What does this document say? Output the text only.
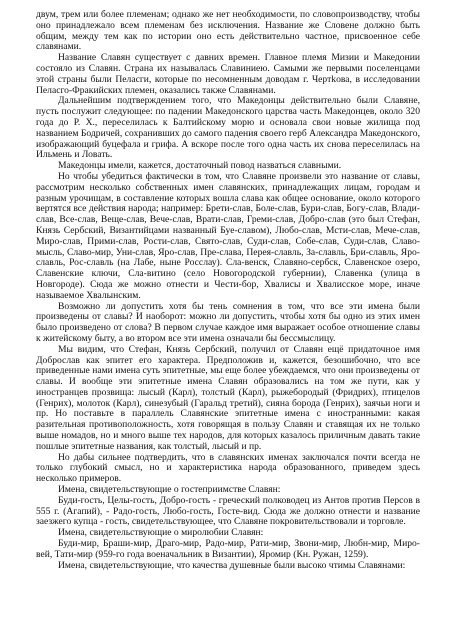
двум, трем или более племенам; однако же нет необходимости, по словопроизводству, чтобы оно принадлежало всем племенам без исключения. Название же Словене должно быть общим, между тем как по истории оно есть действительно частное, присвоенное себе славянами.

Название Славян существует с давних времен. Главное племя Мизии и Македонии состояло из Славян. Страна их называлась Славиниею. Самыми же первыми поселенцами этой страны были Пеласги, которые по несомненным доводам г. Чертkова, в исследовании Пеласго-Фракийских племен, оказались также Славянами.

Дальнейшим подтверждением того, что Македонцы действительно были Славяне, пусть послужит следующее: по падении Македонского царства часть Македонцев, около 320 года до Р. X., переселилась к Балтийскому морю и основала свои новые жилища под названием Бодричей, сохранивших до самого падения своего герб Александра Македонского, изображающий буцефала и грифа. А вскоре после того одна часть их снова переселилась на Ильмень и Ловать.

Македонцы имели, кажется, достаточный повод назваться славными.

Но чтобы убедиться фактически в том, что Славяне произвели это название от славы, рассмотрим несколько собственных имен славянских, принадлежащих лицам, городам и разным урочищам, в составление которых вошла слава как общее основание, около которого вертятся все действия народа; например: Брети-слав, Боле-слав, Бури-слав, Богу-слав, Влади-слав, Все-слав, Веще-слав, Вече-слав, Врати-слав, Греми-слав, Добро-слав (это был Стефан, Князь Сербский, Византийцами названный Буе-славом), Любо-слав, Мсти-слав, Мече-слав, Миро-слав, Прими-слав, Рости-слав, Свято-слав, Суди-слав, Собе-слав, Суди-слав, Славо-мысль, Славо-мир, Уни-слав, Яро-слав, Пре-слава, Перея-славль, За-славль, Бри-славль, Яро-славль, Рос-славль (на Лабе, ныне Росслау). Сла-венск, Славяно-сербск, Славенское озеро, Славенские ключи, Сла-витино (село Новогородской губернии), Славенка (улица в Новгороде). Сюда же можно отнести и Чести-бор, Хвалисы и Хвалисское море, иначе называемое Хвалынским.

Возможно ли допустить хотя бы тень сомнения в том, что все эти имена были произведены от славы? И наоборот: можно ли допустить, чтобы хотя бы одно из этих имен было произведено от слова? В первом случае каждое имя выражает особое отношение славы к житейскому быту, а во втором все эти имена означали бы бессмыслицу.

Мы видим, что Стефан, Князь Сербский, получил от Славян ещё придаточное имя Доброслав как эпитет его характера. Предположив и, кажется, безошибочно, что все приведенные нами имена суть эпитетные, мы еще более убеждаемся, что они произведены от славы. И вообще эти эпитетные имена Славян образовались на том же пути, как у иностранцев прозвища: лысый (Карл), толстый (Карл), рыжебородый (Фридрих), птицелов (Генрих), молоток (Карл), синезубый (Гаральд третий), сияна борода (Генрих), заячьи ноги и пр. Но поставьте в параллель Славянские эпитетные имена с иностранными: какая разительная противоположность, хотя говорящая в пользу Славян и ставящая их не только выше номадов, но и много выше тех народов, для которых казалось приличным давать такие пошлые эпитетные названия, как толстый, лысый и пр.

Но дабы сильнее подтвердить, что в славянских именах заключался почти всегда не только глубокий смысл, но и характеристика народа образованного, приведем здесь несколько примеров.

Имена, свидетельствующие о гостеприимстве Славян:

Буди-гость, Целы-гость, Добро-гость - греческий полководец из Антов против Персов в 555 г. (Агапий), - Радо-гость, Любо-гость, Госте-вид. Сюда же должно отнести и название заезжего купца - гость, свидетельствующее, что Славяне покровительствовали и торговле.

Имена, свидетельствующие о миролюбии Славян:

Буди-мир, Браши-мир, Драго-мир, Радо-мир, Рати-мир, Звони-мир, Любн-мир, Миро-вей, Тати-мир (959-го года военачальник в Византии), Яромир (Кн. Ружан, 1259).

Имена, свидетельствующие, что качества душевные были высоко чтимы Славянами:
